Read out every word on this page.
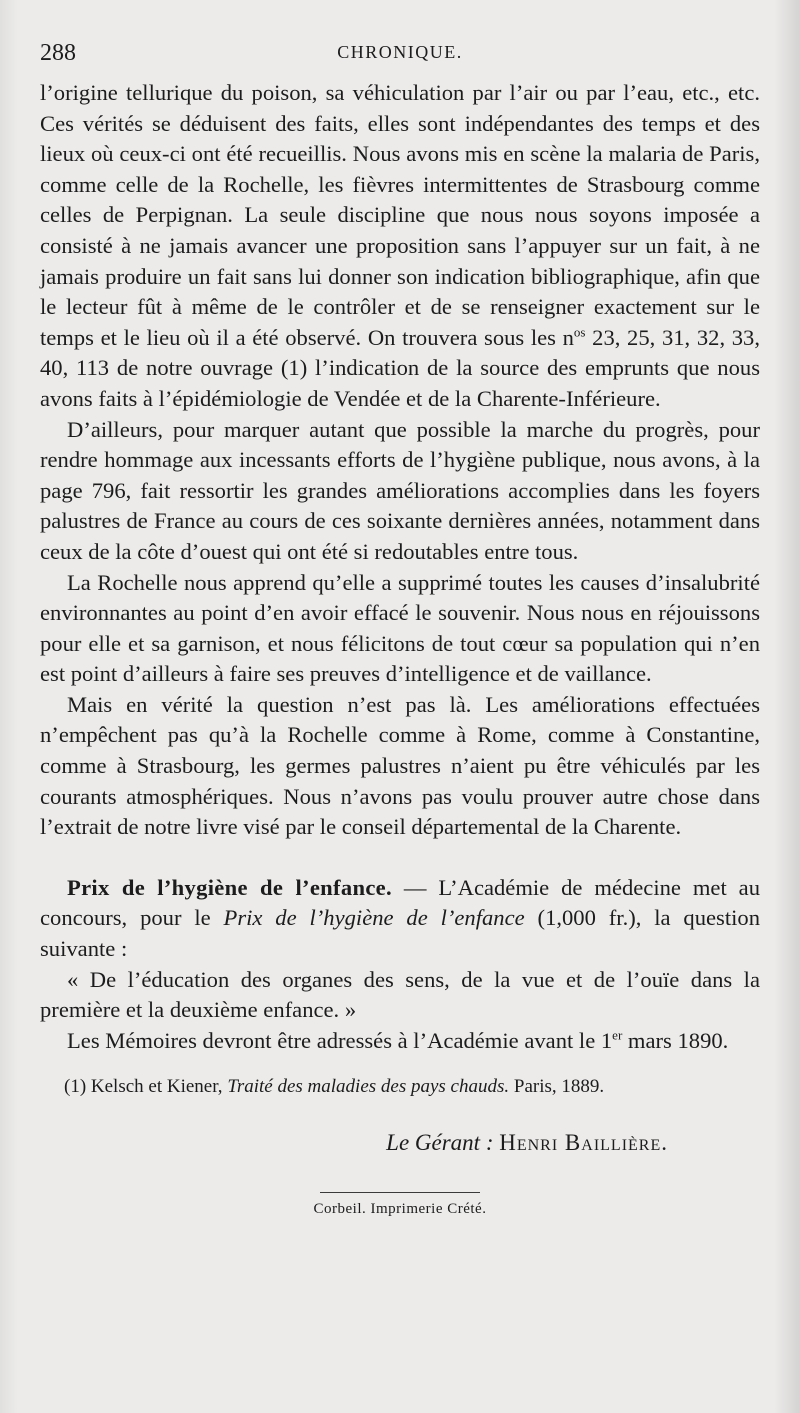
288	CHRONIQUE.

l’origine tellurique du poison, sa véhiculation par l’air ou par l’eau, etc., etc. Ces vérités se déduisent des faits, elles sont indépendantes des temps et des lieux où ceux-ci ont été recueillis. Nous avons mis en scène la malaria de Paris, comme celle de la Rochelle, les fièvres intermittentes de Strasbourg comme celles de Perpignan. La seule discipline que nous nous soyons imposée a consisté à ne jamais avancer une proposition sans l’appuyer sur un fait, à ne jamais produire un fait sans lui donner son indication bibliographique, afin que le lecteur fût à même de le contrôler et de se renseigner exactement sur le temps et le lieu où il a été observé. On trouvera sous les $n^{os}$ 23, 25, 31, 32, 33, 40, 113 de notre ouvrage (1) l’indication de la source des emprunts que nous avons faits à l’épidémiologie de Vendée et de la Charente-Inférieure.

D’ailleurs, pour marquer autant que possible la marche du progrès, pour rendre hommage aux incessants efforts de l’hygiène publique, nous avons, à la page 796, fait ressortir les grandes améliorations accomplies dans les foyers palustres de France au cours de ces soixante dernières années, notamment dans ceux de la côte d’ouest qui ont été si redoutables entre tous.

La Rochelle nous apprend qu’elle a supprimé toutes les causes d’insalubrité environnantes au point d’en avoir effacé le souvenir. Nous nous en réjouissons pour elle et sa garnison, et nous félicitons de tout cœur sa population qui n’en est point d’ailleurs à faire ses preuves d’intelligence et de vaillance.

Mais en vérité la question n’est pas là. Les améliorations effectuées n’empêchent pas qu’à la Rochelle comme à Rome, comme à Constantine, comme à Strasbourg, les germes palustres n’aient pu être véhiculés par les courants atmosphériques. Nous n’avons pas voulu prouver autre chose dans l’extrait de notre livre visé par le conseil départemental de la Charente.

Prix de l’hygiène de l’enfance. — L’Académie de médecine met au concours, pour le Prix de l’hygiène de l’enfance (1,000 fr.), la question suivante :

« De l’éducation des organes des sens, de la vue et de l’ouïe dans la première et la deuxième enfance. »

Les Mémoires devront être adressés à l’Académie avant le 1er mars 1890.

(1) Kelsch et Kiener, Traité des maladies des pays chauds. Paris, 1889.
Le Gérant : Henri Baillière.
Corbeil. Imprimerie Crété.
